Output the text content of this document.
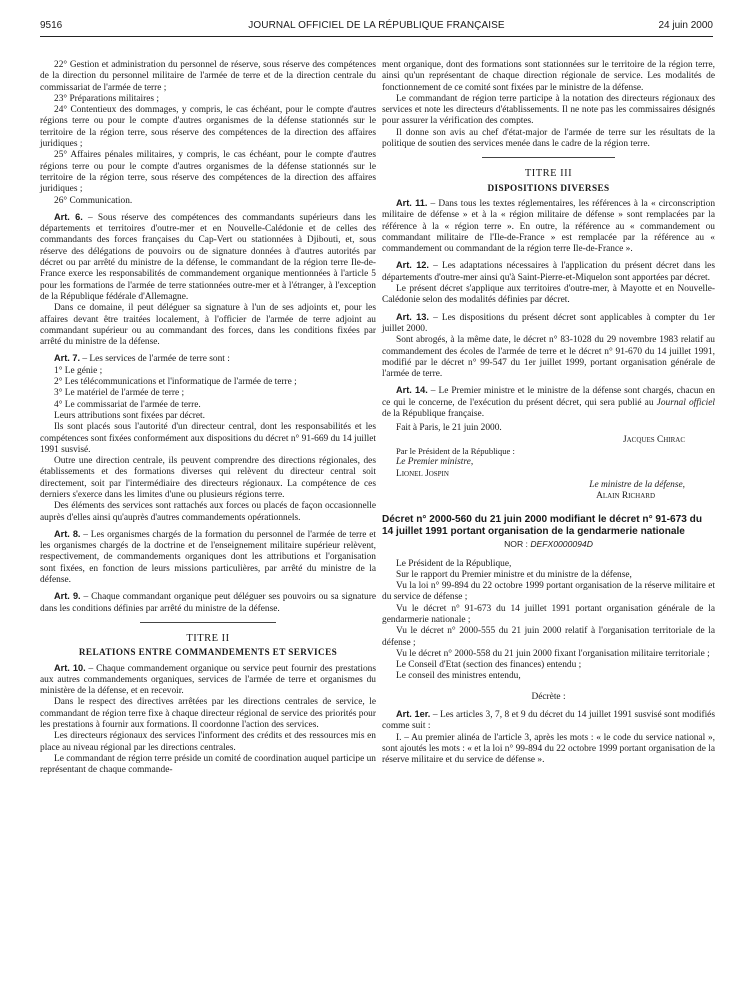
9516	JOURNAL OFFICIEL DE LA RÉPUBLIQUE FRANÇAISE	24 juin 2000

22° Gestion et administration du personnel de réserve, sous réserve des compétences de la direction du personnel militaire de l'armée de terre et de la direction centrale du commissariat de l'armée de terre ;

23° Préparations militaires ;

24° Contentieux des dommages, y compris, le cas échéant, pour le compte d'autres régions terre ou pour le compte d'autres organismes de la défense stationnés sur le territoire de la région terre, sous réserve des compétences de la direction des affaires juridiques ;

25° Affaires pénales militaires, y compris, le cas échéant, pour le compte d'autres régions terre ou pour le compte d'autres organismes de la défense stationnés sur le territoire de la région terre, sous réserve des compétences de la direction des affaires juridiques ;

26° Communication.

Art. 6. – Sous réserve des compétences des commandants supérieurs dans les départements et territoires d'outre-mer et en Nouvelle-Calédonie et de celles des commandants des forces françaises du Cap-Vert ou stationnées à Djibouti, et, sous réserve des délégations de pouvoirs ou de signature données à d'autres autorités par décret ou par arrêté du ministre de la défense, le commandant de la région terre Ile-de-France exerce les responsabilités de commandement organique mentionnées à l'article 5 pour les formations de l'armée de terre stationnées outre-mer et à l'étranger, à l'exception de la République fédérale d'Allemagne.

Dans ce domaine, il peut déléguer sa signature à l'un de ses adjoints et, pour les affaires devant être traitées localement, à l'officier de l'armée de terre adjoint au commandant supérieur ou au commandant des forces, dans les conditions fixées par arrêté du ministre de la défense.

Art. 7. – Les services de l'armée de terre sont :

1° Le génie ;

2° Les télécommunications et l'informatique de l'armée de terre ;

3° Le matériel de l'armée de terre ;

4° Le commissariat de l'armée de terre.

Leurs attributions sont fixées par décret.

Ils sont placés sous l'autorité d'un directeur central, dont les responsabilités et les compétences sont fixées conformément aux dispositions du décret n° 91-669 du 14 juillet 1991 susvisé.

Outre une direction centrale, ils peuvent comprendre des directions régionales, des établissements et des formations diverses qui relèvent du directeur central soit directement, soit par l'intermédiaire des directeurs régionaux. La compétence de ces derniers s'exerce dans les limites d'une ou plusieurs régions terre.

Des éléments des services sont rattachés aux forces ou placés de façon occasionnelle auprès d'elles ainsi qu'auprès d'autres commandements opérationnels.

Art. 8. – Les organismes chargés de la formation du personnel de l'armée de terre et les organismes chargés de la doctrine et de l'enseignement militaire supérieur relèvent, respectivement, de commandements organiques dont les attributions et l'organisation sont fixées, en fonction de leurs missions particulières, par arrêté du ministre de la défense.

Art. 9. – Chaque commandant organique peut déléguer ses pouvoirs ou sa signature dans les conditions définies par arrêté du ministre de la défense.

TITRE II
RELATIONS ENTRE COMMANDEMENTS ET SERVICES

Art. 10. – Chaque commandement organique ou service peut fournir des prestations aux autres commandements organiques, services de l'armée de terre et organismes du ministère de la défense, et en recevoir.

Dans le respect des directives arrêtées par les directions centrales de service, le commandant de région terre fixe à chaque directeur régional de service des priorités pour les prestations à fournir aux formations. Il coordonne l'action des services.

Les directeurs régionaux des services l'informent des crédits et des ressources mis en place au niveau régional par les directions centrales.

Le commandant de région terre préside un comité de coordination auquel participe un représentant de chaque commande-

ment organique, dont des formations sont stationnées sur le territoire de la région terre, ainsi qu'un représentant de chaque direction régionale de service. Les modalités de fonctionnement de ce comité sont fixées par le ministre de la défense.

Le commandant de région terre participe à la notation des directeurs régionaux des services et note les directeurs d'établissements. Il ne note pas les commissaires désignés pour assurer la vérification des comptes.

Il donne son avis au chef d'état-major de l'armée de terre sur les résultats de la politique de soutien des services menée dans le cadre de la région terre.

TITRE III
DISPOSITIONS DIVERSES

Art. 11. – Dans tous les textes réglementaires, les références à la « circonscription militaire de défense » et à la « région militaire de défense » sont remplacées par la référence à la « région terre ». En outre, la référence au « commandement ou commandant militaire de l'Ile-de-France » est remplacée par la référence au « commandement ou commandant de la région terre Ile-de-France ».

Art. 12. – Les adaptations nécessaires à l'application du présent décret dans les départements d'outre-mer ainsi qu'à Saint-Pierre-et-Miquelon sont apportées par décret.

Le présent décret s'applique aux territoires d'outre-mer, à Mayotte et en Nouvelle-Calédonie selon des modalités définies par décret.

Art. 13. – Les dispositions du présent décret sont applicables à compter du 1er juillet 2000.

Sont abrogés, à la même date, le décret n° 83-1028 du 29 novembre 1983 relatif au commandement des écoles de l'armée de terre et le décret n° 91-670 du 14 juillet 1991, modifié par le décret n° 99-547 du 1er juillet 1999, portant organisation générale de l'armée de terre.

Art. 14. – Le Premier ministre et le ministre de la défense sont chargés, chacun en ce qui le concerne, de l'exécution du présent décret, qui sera publié au Journal officiel de la République française.

Fait à Paris, le 21 juin 2000.

Jacques Chirac

Par le Président de la République :

Le Premier ministre,

Lionel Jospin

Le ministre de la défense,

Alain Richard

Décret n° 2000-560 du 21 juin 2000 modifiant le décret n° 91-673 du 14 juillet 1991 portant organisation de la gendarmerie nationale
NOR : DEFX0000094D

Le Président de la République,

Sur le rapport du Premier ministre et du ministre de la défense,

Vu la loi n° 99-894 du 22 octobre 1999 portant organisation de la réserve militaire et du service de défense ;

Vu le décret n° 91-673 du 14 juillet 1991 portant organisation générale de la gendarmerie nationale ;

Vu le décret n° 2000-555 du 21 juin 2000 relatif à l'organisation territoriale de la défense ;

Vu le décret n° 2000-558 du 21 juin 2000 fixant l'organisation militaire territoriale ;

Le Conseil d'Etat (section des finances) entendu ;

Le conseil des ministres entendu,

Décrète :

Art. 1er. – Les articles 3, 7, 8 et 9 du décret du 14 juillet 1991 susvisé sont modifiés comme suit :

I. – Au premier alinéa de l'article 3, après les mots : « le code du service national », sont ajoutés les mots : « et la loi n° 99-894 du 22 octobre 1999 portant organisation de la réserve militaire et du service de défense ».
